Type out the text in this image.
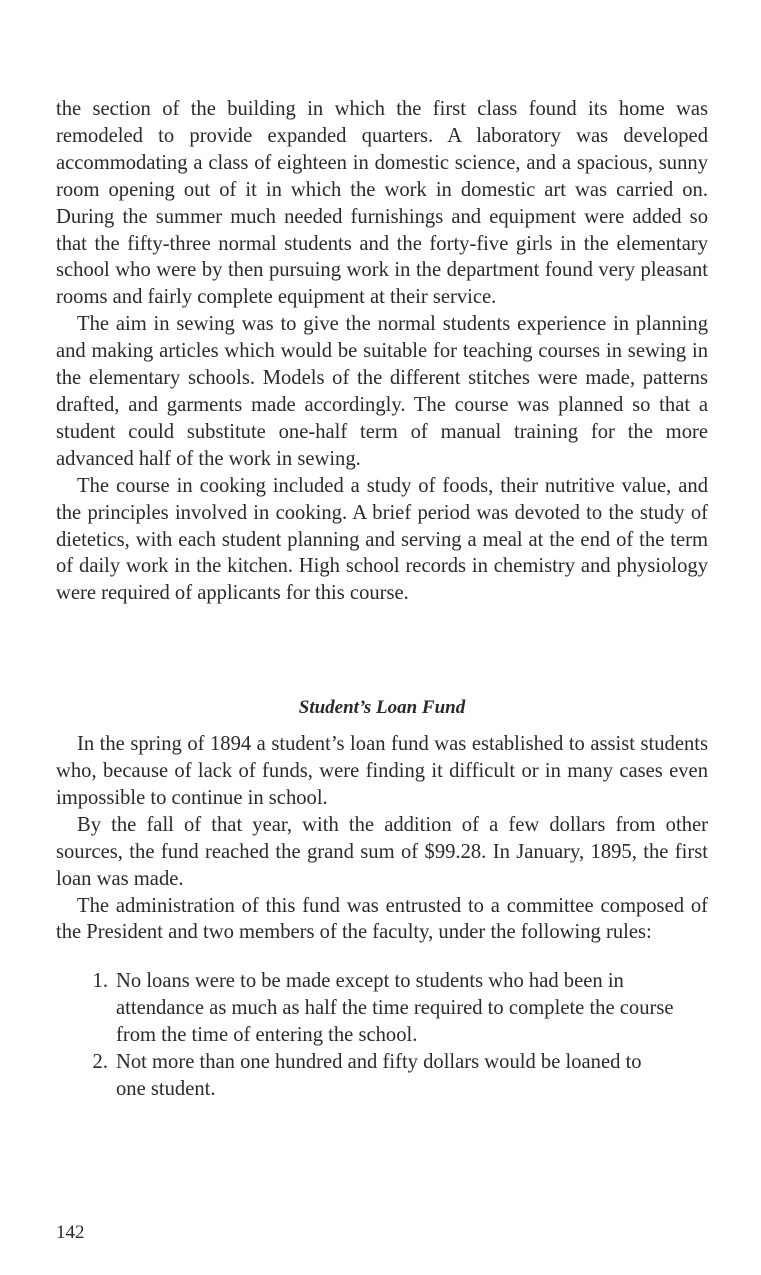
the section of the building in which the first class found its home was remodeled to provide expanded quarters. A laboratory was developed accommodating a class of eighteen in domestic science, and a spacious, sunny room opening out of it in which the work in domestic art was carried on. During the summer much needed furnishings and equipment were added so that the fifty-three normal students and the forty-five girls in the elementary school who were by then pursuing work in the department found very pleasant rooms and fairly complete equipment at their service.

The aim in sewing was to give the normal students experience in planning and making articles which would be suitable for teaching courses in sewing in the elementary schools. Models of the different stitches were made, patterns drafted, and garments made accordingly. The course was planned so that a student could substitute one-half term of manual training for the more advanced half of the work in sewing.

The course in cooking included a study of foods, their nutritive value, and the principles involved in cooking. A brief period was devoted to the study of dietetics, with each student planning and serving a meal at the end of the term of daily work in the kitchen. High school records in chemistry and physiology were required of applicants for this course.

Student’s Loan Fund

In the spring of 1894 a student’s loan fund was established to assist students who, because of lack of funds, were finding it difficult or in many cases even impossible to continue in school.

By the fall of that year, with the addition of a few dollars from other sources, the fund reached the grand sum of $99.28. In January, 1895, the first loan was made.

The administration of this fund was entrusted to a committee composed of the President and two members of the faculty, under the following rules:

1. No loans were to be made except to students who had been in attendance as much as half the time required to complete the course from the time of entering the school.
2. Not more than one hundred and fifty dollars would be loaned to one student.

142
